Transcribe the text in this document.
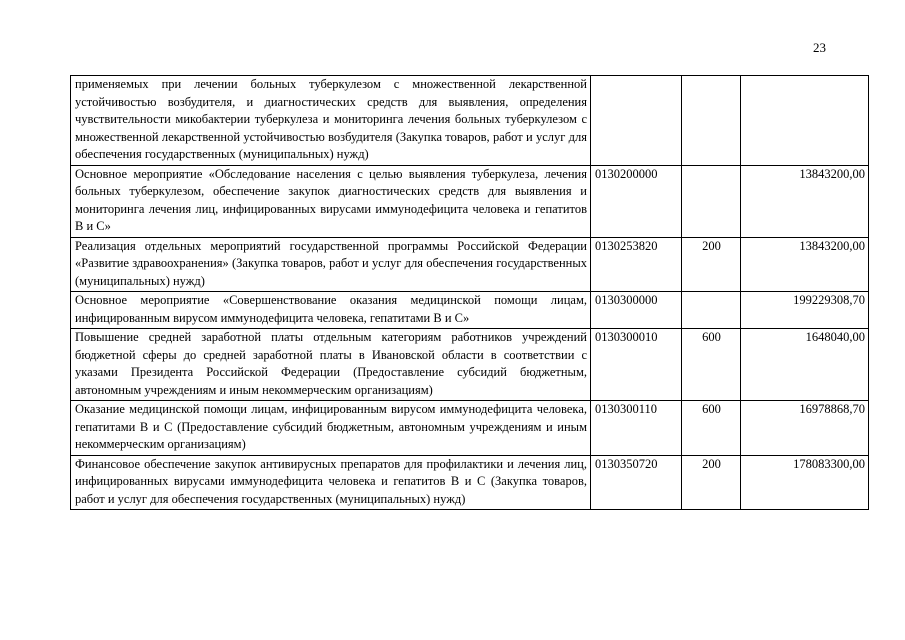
23
применяемых при лечении больных туберкулезом с множественной лекарственной устойчивостью возбудителя, и диагностических средств для выявления, определения чувствительности микобактерии туберкулеза и мониторинга лечения больных туберкулезом с множественной лекарственной устойчивостью возбудителя (Закупка товаров, работ и услуг для обеспечения государственных (муниципальных) нужд)			
Основное мероприятие «Обследование населения с целью выявления туберкулеза, лечения больных туберкулезом, обеспечение закупок диагностических средств для выявления и мониторинга лечения лиц, инфицированных вирусами иммунодефицита человека и гепатитов В и С»	0130200000		13843200,00
Реализация отдельных мероприятий государственной программы Российской Федерации «Развитие здравоохранения» (Закупка товаров, работ и услуг для обеспечения государственных (муниципальных) нужд)	0130253820	200	13843200,00
Основное мероприятие «Совершенствование оказания медицинской помощи лицам, инфицированным вирусом иммунодефицита человека, гепатитами В и С»	0130300000		199229308,70
Повышение средней заработной платы отдельным категориям работников учреждений бюджетной сферы до средней заработной платы в Ивановской области в соответствии с указами Президента Российской Федерации (Предоставление субсидий бюджетным, автономным учреждениям и иным некоммерческим организациям)	0130300010	600	1648040,00
Оказание медицинской помощи лицам, инфицированным вирусом иммунодефицита человека, гепатитами В и С (Предоставление субсидий бюджетным, автономным учреждениям и иным некоммерческим организациям)	0130300110	600	16978868,70
Финансовое обеспечение закупок антивирусных препаратов для профилактики и лечения лиц, инфицированных вирусами иммунодефицита человека и гепатитов В и С (Закупка товаров, работ и услуг для обеспечения государственных (муниципальных) нужд)	0130350720	200	178083300,00
